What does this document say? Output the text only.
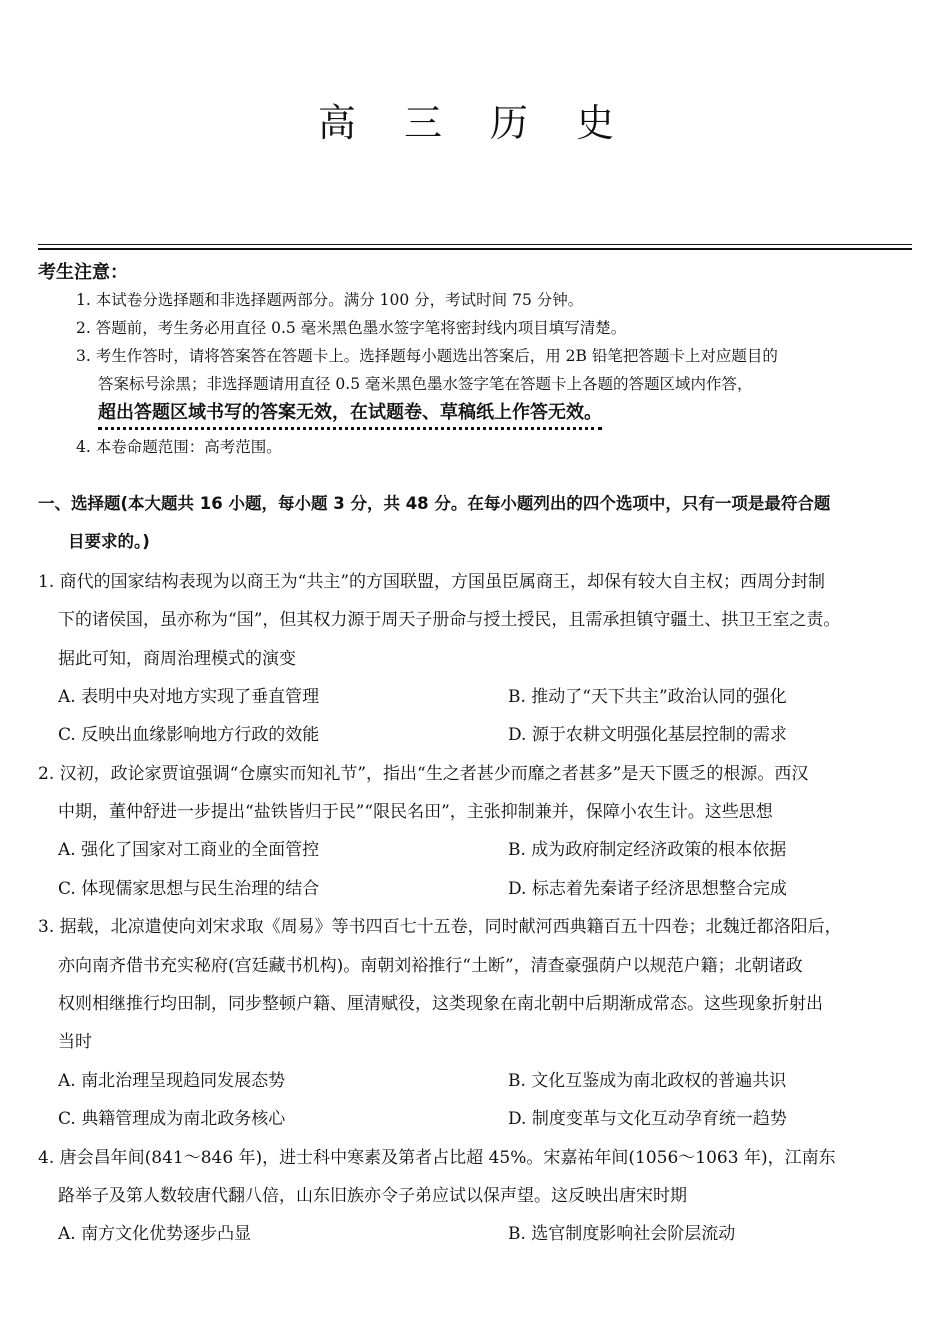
高 三 历 史
考生注意：
1. 本试卷分选择题和非选择题两部分。满分 100 分，考试时间 75 分钟。
2. 答题前，考生务必用直径 0.5 毫米黑色墨水签字笔将密封线内项目填写清楚。
3. 考生作答时，请将答案答在答题卡上。选择题每小题选出答案后，用 2B 铅笔把答题卡上对应题目的
答案标号涂黑；非选择题请用直径 0.5 毫米黑色墨水签字笔在答题卡上各题的答题区域内作答，
超出答题区域书写的答案无效，在试题卷、草稿纸上作答无效。
4. 本卷命题范围：高考范围。
一、选择题(本大题共 16 小题，每小题 3 分，共 48 分。在每小题列出的四个选项中，只有一项是最符合题
目要求的。)
1. 商代的国家结构表现为以商王为“共主”的方国联盟，方国虽臣属商王，却保有较大自主权；西周分封制
下的诸侯国，虽亦称为“国”，但其权力源于周天子册命与授土授民，且需承担镇守疆土、拱卫王室之责。
据此可知，商周治理模式的演变
A. 表明中央对地方实现了垂直管理	B. 推动了“天下共主”政治认同的强化
C. 反映出血缘影响地方行政的效能	D. 源于农耕文明强化基层控制的需求
2. 汉初，政论家贾谊强调“仓廪实而知礼节”，指出“生之者甚少而靡之者甚多”是天下匮乏的根源。西汉
中期，董仲舒进一步提出“盐铁皆归于民”“限民名田”，主张抑制兼并，保障小农生计。这些思想
A. 强化了国家对工商业的全面管控	B. 成为政府制定经济政策的根本依据
C. 体现儒家思想与民生治理的结合	D. 标志着先秦诸子经济思想整合完成
3. 据载，北凉遣使向刘宋求取《周易》等书四百七十五卷，同时献河西典籍百五十四卷；北魏迁都洛阳后，
亦向南齐借书充实秘府(宫廷藏书机构)。南朝刘裕推行“土断”，清查豪强荫户以规范户籍；北朝诸政
权则相继推行均田制，同步整顿户籍、厘清赋役，这类现象在南北朝中后期渐成常态。这些现象折射出
当时
A. 南北治理呈现趋同发展态势	B. 文化互鉴成为南北政权的普遍共识
C. 典籍管理成为南北政务核心	D. 制度变革与文化互动孕育统一趋势
4. 唐会昌年间(841～846 年)，进士科中寒素及第者占比超 45%。宋嘉祐年间(1056～1063 年)，江南东
路举子及第人数较唐代翻八倍，山东旧族亦令子弟应试以保声望。这反映出唐宋时期
A. 南方文化优势逐步凸显	B. 选官制度影响社会阶层流动
